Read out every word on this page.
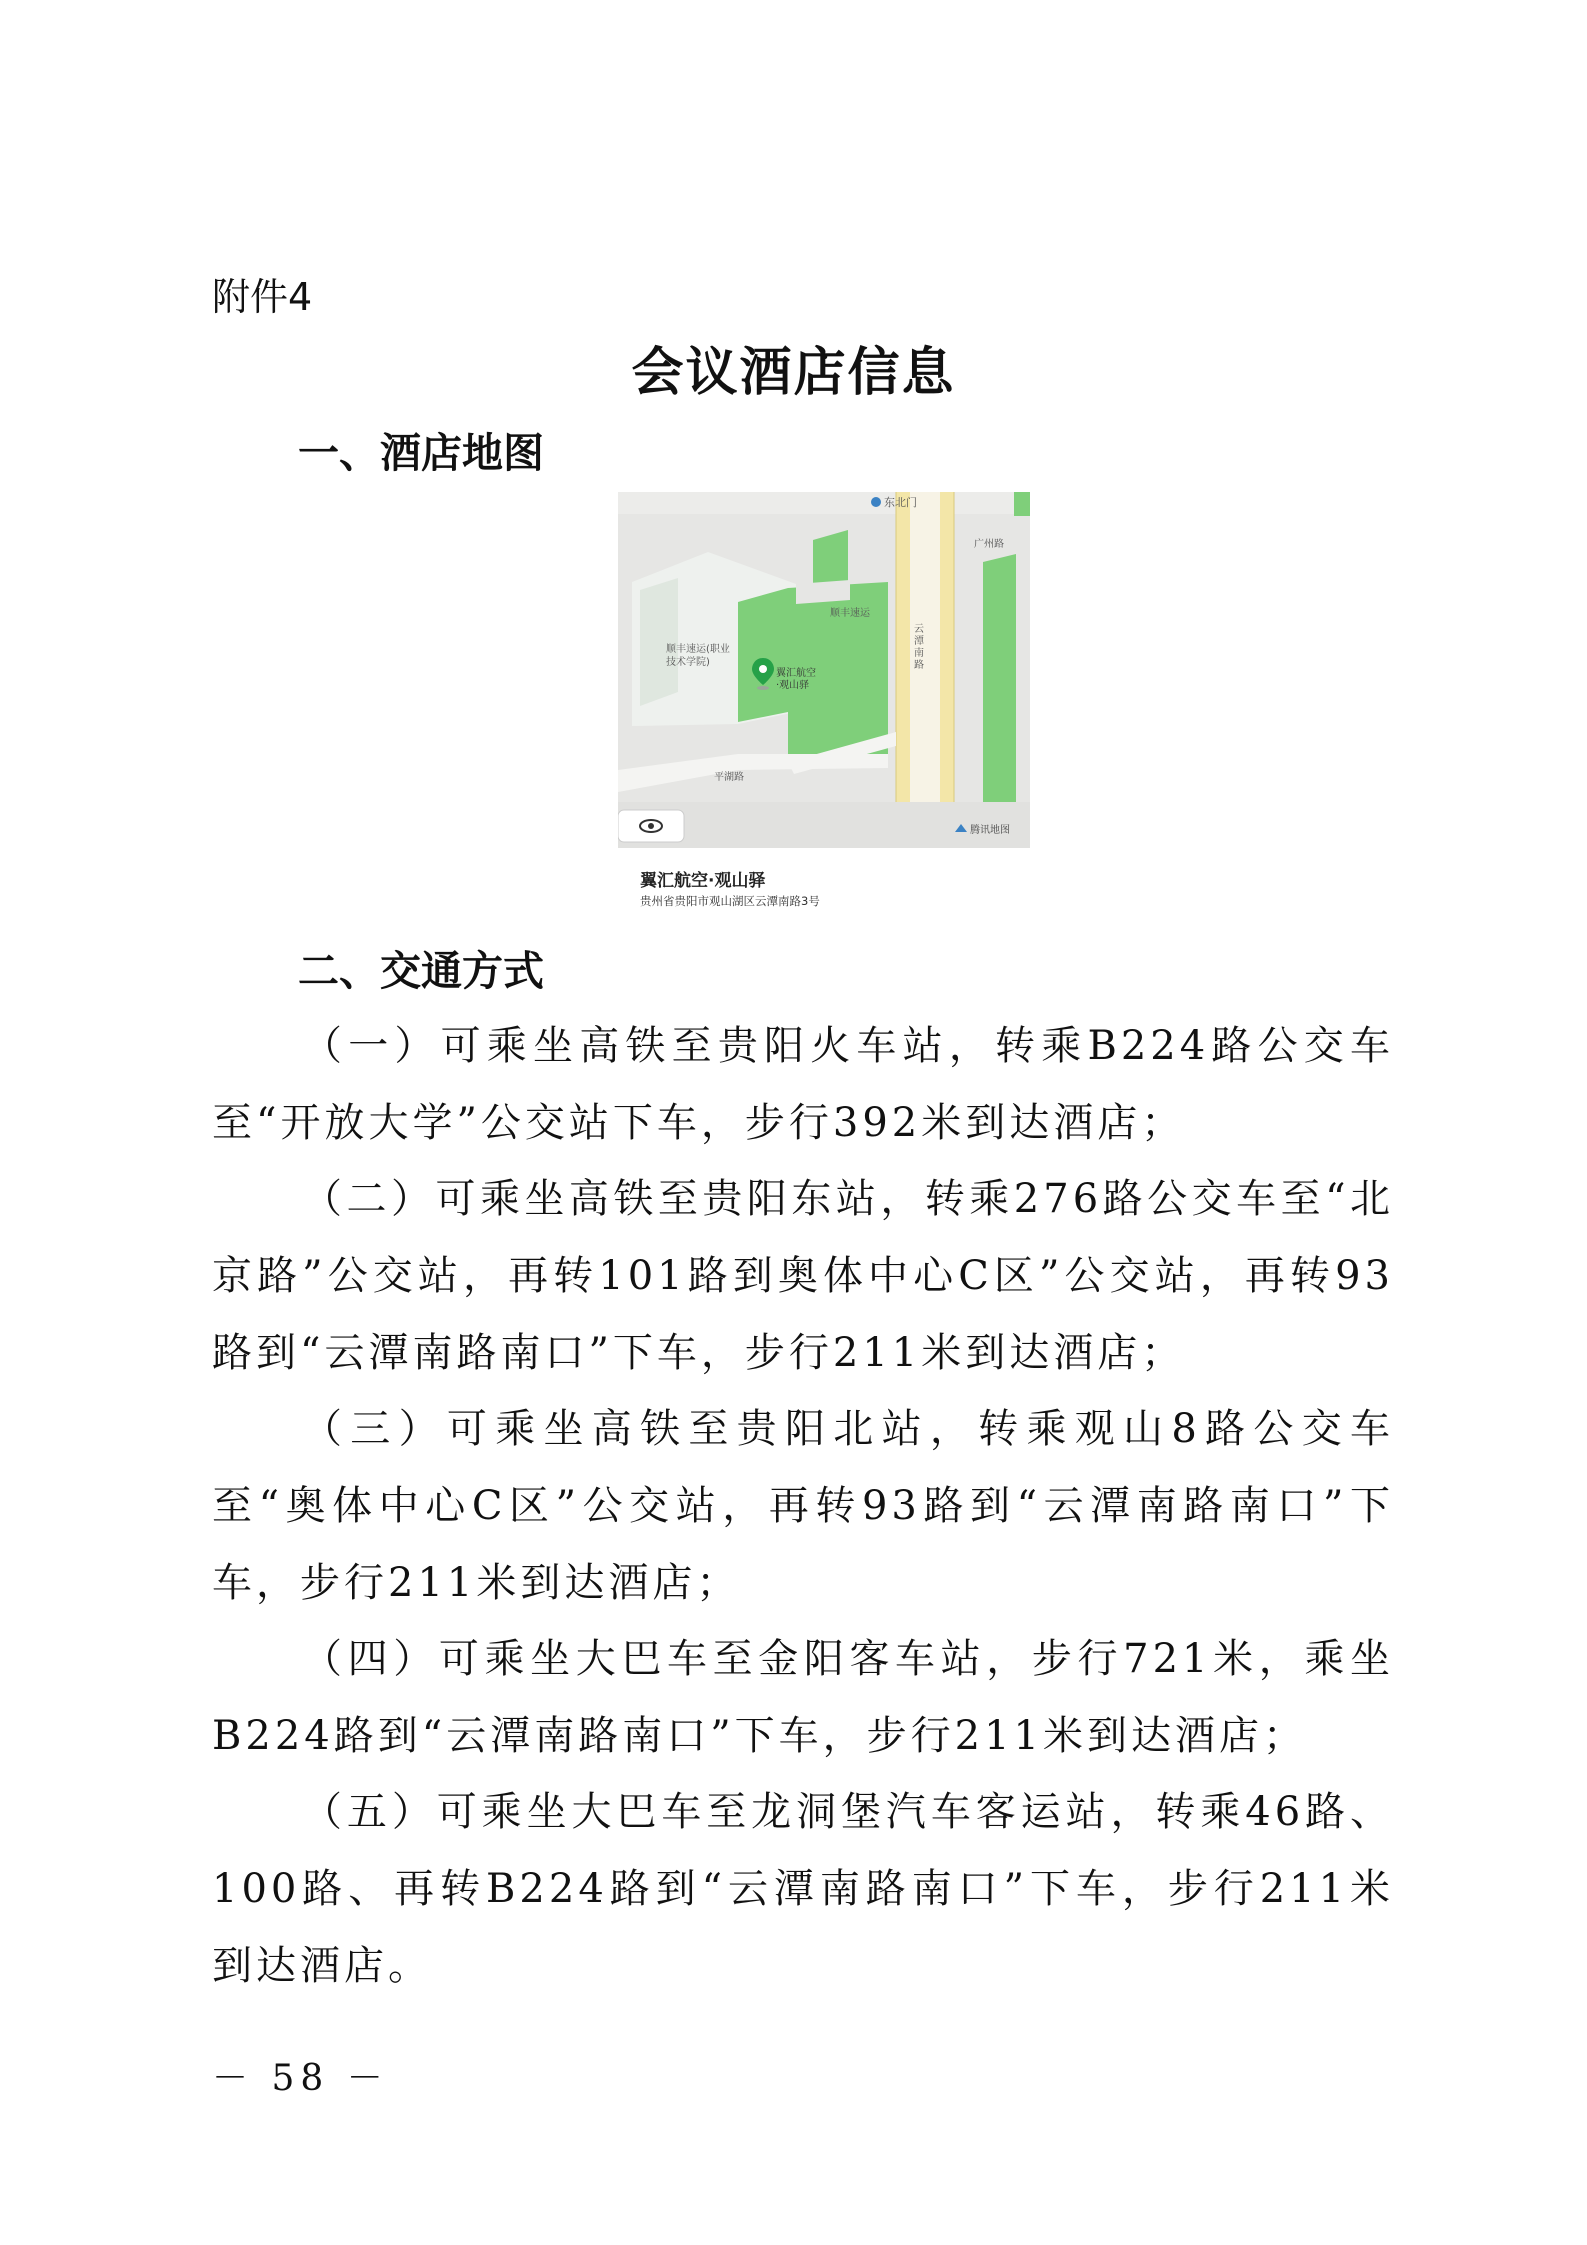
附件4
会议酒店信息
一、酒店地图
东北门
广州路
顺丰速运
顺丰速运(职业
技术学院)
云
潭
南
路
翼汇航空
·观山驿
平湖路
腾讯地图
翼汇航空·观山驿
贵州省贵阳市观山湖区云潭南路3号
二、交通方式
（一）可乘坐高铁至贵阳火车站，转乘B224路公交车至“开放大学”公交站下车，步行392米到达酒店；
（二）可乘坐高铁至贵阳东站，转乘276路公交车至“北京路”公交站，再转101路到奥体中心C区”公交站，再转93路到“云潭南路南口”下车，步行211米到达酒店；
（三）可乘坐高铁至贵阳北站，转乘观山8路公交车至“奥体中心C区”公交站，再转93路到“云潭南路南口”下车，步行211米到达酒店；
（四）可乘坐大巴车至金阳客车站，步行721米，乘坐B224路到“云潭南路南口”下车，步行211米到达酒店；
（五）可乘坐大巴车至龙洞堡汽车客运站，转乘46路、100路、再转B224路到“云潭南路南口”下车，步行211米到达酒店。
－ 58 －
